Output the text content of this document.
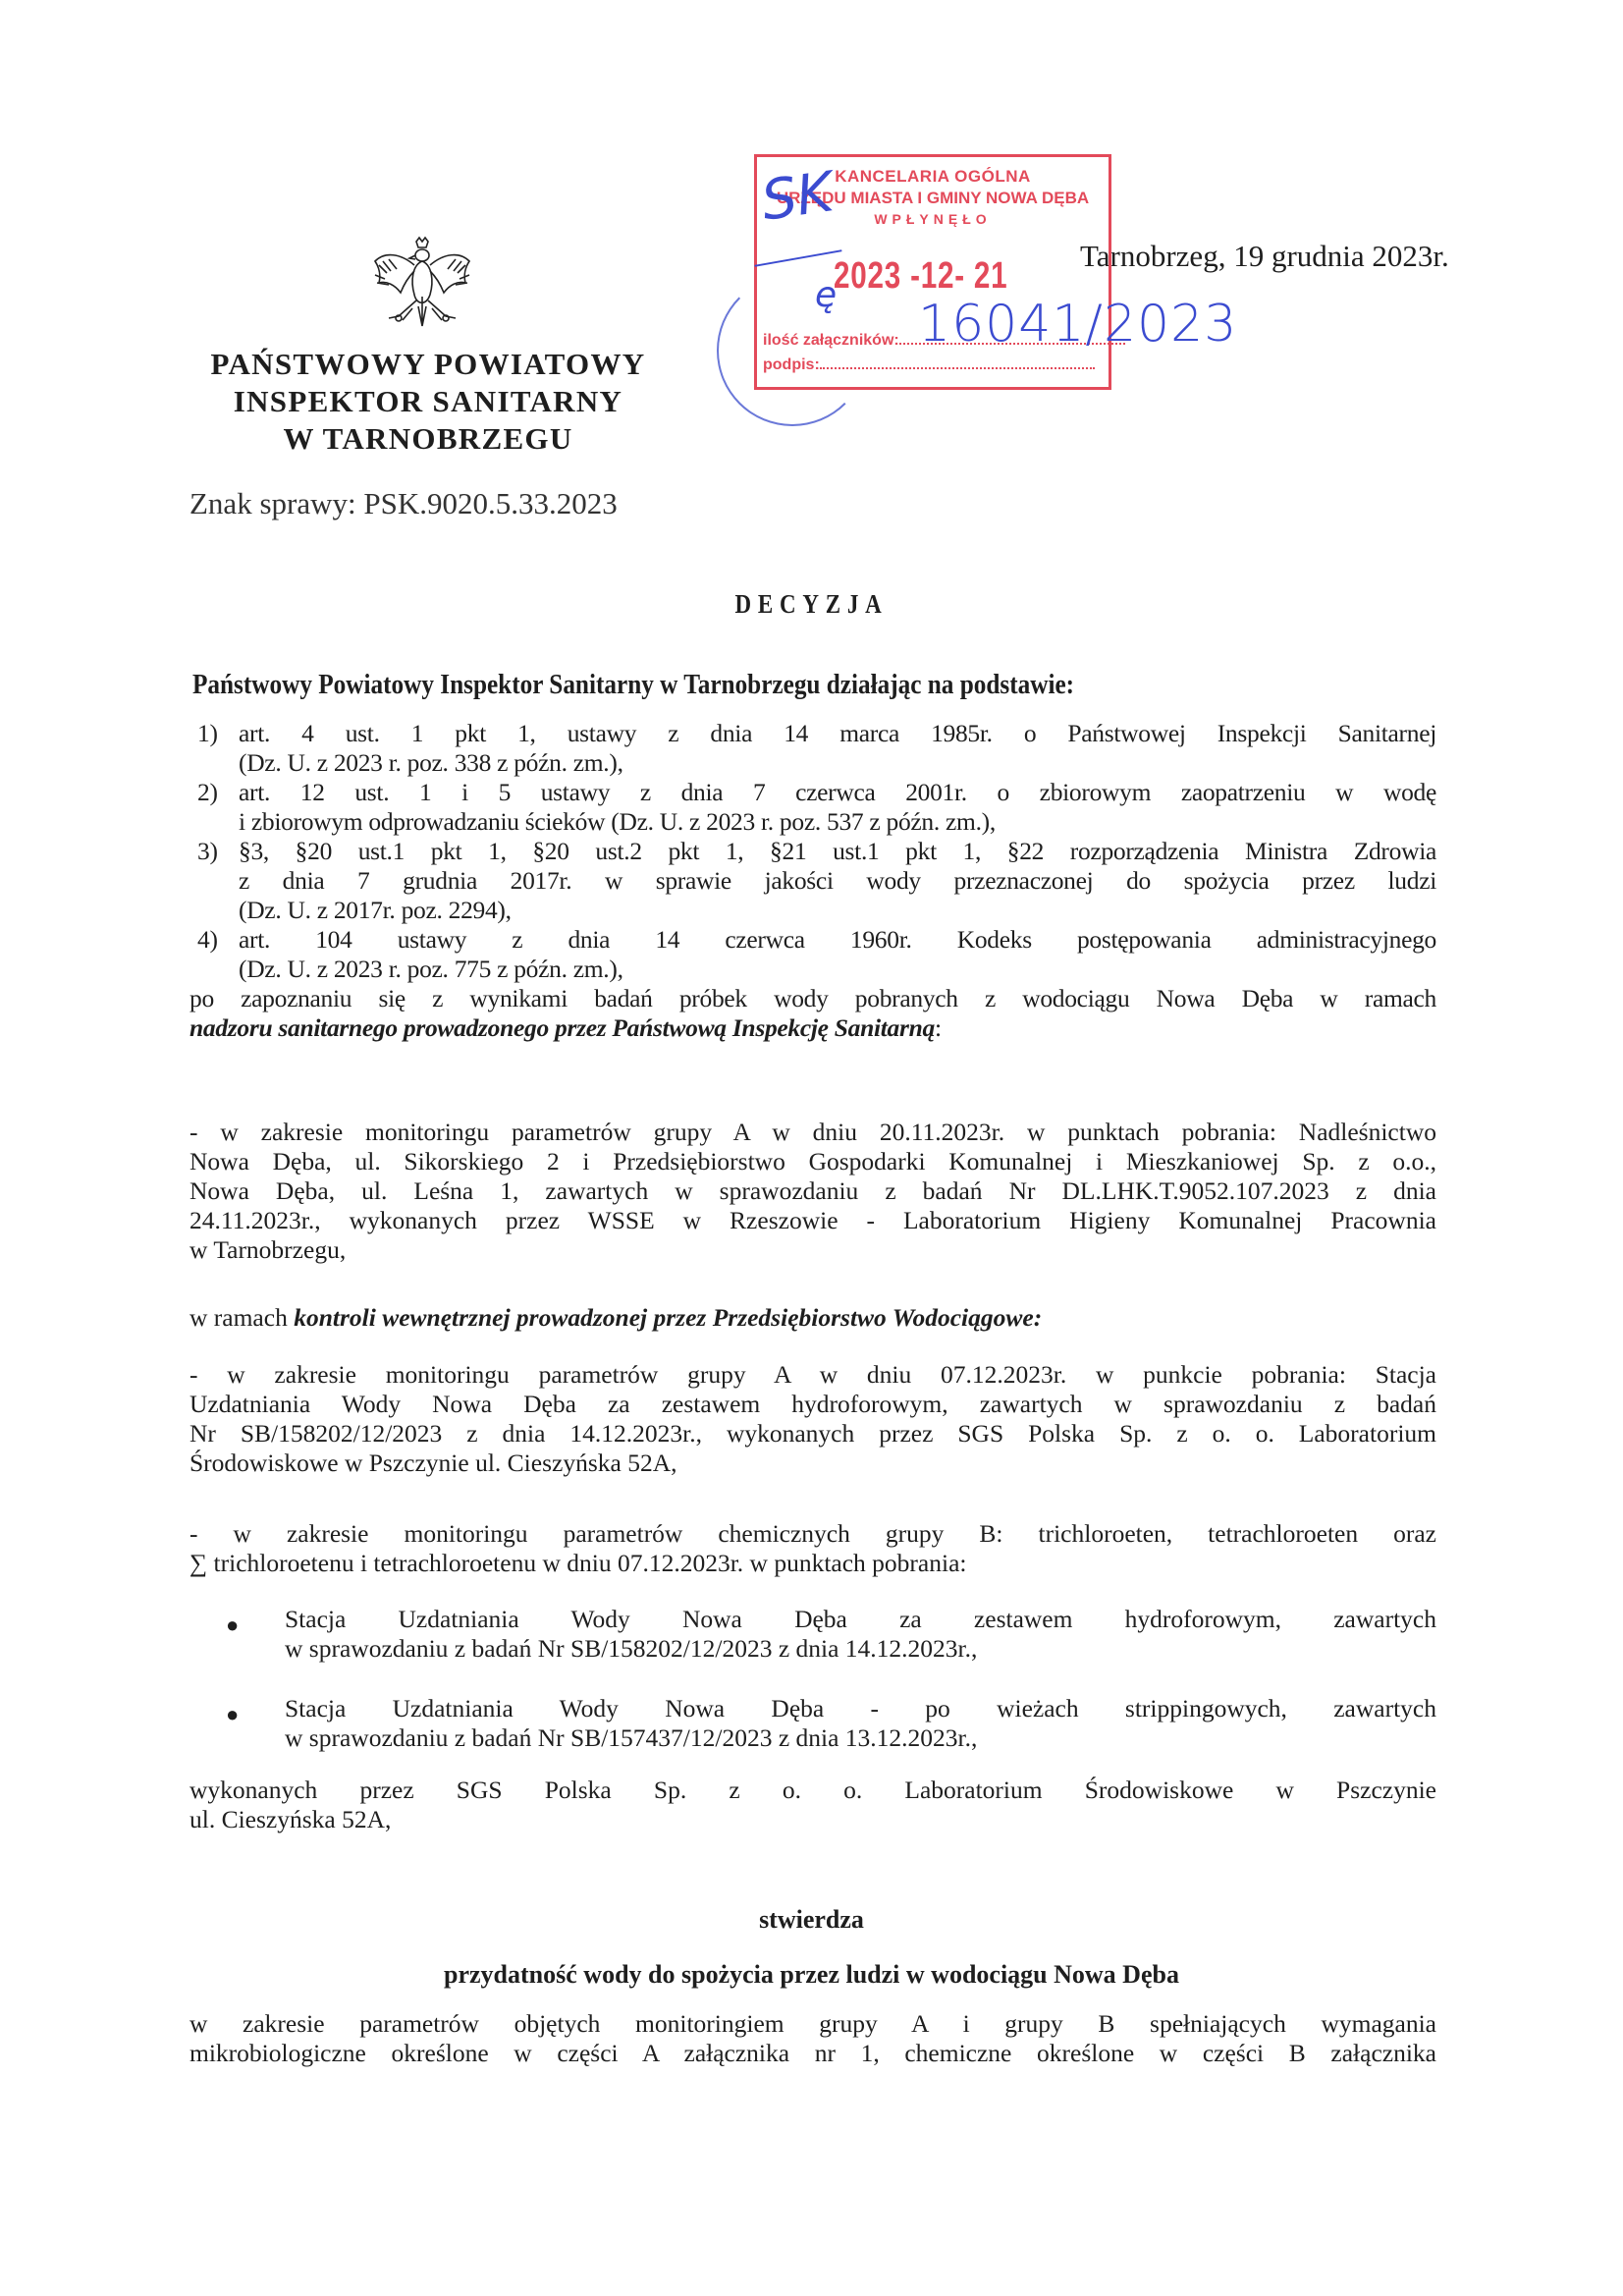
PAŃSTWOWY POWIATOWY
INSPEKTOR SANITARNY
W TARNOBRZEGU
Znak sprawy: PSK.9020.5.33.2023
Tarnobrzeg, 19 grudnia 2023r.
KANCELARIA OGÓLNA
URZĘDU MIASTA I GMINY NOWA DĘBA
WPŁYNĘŁO
2023 -12- 21
ilość załączników:
podpis:
SK
ę 16041/2023
DECYZJA
Państwowy Powiatowy Inspektor Sanitarny w Tarnobrzegu działając na podstawie:
1) art. 4 ust. 1 pkt 1, ustawy z dnia 14 marca 1985r. o Państwowej Inspekcji Sanitarnej
(Dz. U. z 2023 r. poz. 338 z późn. zm.),
2) art. 12 ust. 1 i 5 ustawy z dnia 7 czerwca 2001r. o zbiorowym zaopatrzeniu w wodę
i zbiorowym odprowadzaniu ścieków (Dz. U. z 2023 r. poz. 537 z późn. zm.),
3) §3, §20 ust.1 pkt 1, §20 ust.2 pkt 1, §21 ust.1 pkt 1, §22 rozporządzenia Ministra Zdrowia
z dnia 7 grudnia 2017r. w sprawie jakości wody przeznaczonej do spożycia przez ludzi
(Dz. U. z 2017r. poz. 2294),
4) art. 104 ustawy z dnia 14 czerwca 1960r. Kodeks postępowania administracyjnego
(Dz. U. z 2023 r. poz. 775 z późn. zm.),
po zapoznaniu się z wynikami badań próbek wody pobranych z wodociągu Nowa Dęba w ramach
nadzoru sanitarnego prowadzonego przez Państwową Inspekcję Sanitarną:
- w zakresie monitoringu parametrów grupy A w dniu 20.11.2023r. w punktach pobrania: Nadleśnictwo
Nowa Dęba, ul. Sikorskiego 2 i Przedsiębiorstwo Gospodarki Komunalnej i Mieszkaniowej Sp. z o.o.,
Nowa Dęba, ul. Leśna 1, zawartych w sprawozdaniu z badań Nr DL.LHK.T.9052.107.2023 z dnia
24.11.2023r., wykonanych przez WSSE w Rzeszowie - Laboratorium Higieny Komunalnej Pracownia
w Tarnobrzegu,
w ramach kontroli wewnętrznej prowadzonej przez Przedsiębiorstwo Wodociągowe:
- w zakresie monitoringu parametrów grupy A w dniu 07.12.2023r. w punkcie pobrania: Stacja
Uzdatniania Wody Nowa Dęba za zestawem hydroforowym, zawartych w sprawozdaniu z badań
Nr SB/158202/12/2023 z dnia 14.12.2023r., wykonanych przez SGS Polska Sp. z o. o. Laboratorium
Środowiskowe w Pszczynie ul. Cieszyńska 52A,
- w zakresie monitoringu parametrów chemicznych grupy B: trichloroeten, tetrachloroeten oraz
∑ trichloroetenu i tetrachloroetenu w dniu 07.12.2023r. w punktach pobrania:
● Stacja Uzdatniania Wody Nowa Dęba za zestawem hydroforowym, zawartych
w sprawozdaniu z badań Nr SB/158202/12/2023 z dnia 14.12.2023r.,
● Stacja Uzdatniania Wody Nowa Dęba - po wieżach strippingowych, zawartych
w sprawozdaniu z badań Nr SB/157437/12/2023 z dnia 13.12.2023r.,
wykonanych przez SGS Polska Sp. z o. o. Laboratorium Środowiskowe w Pszczynie
ul. Cieszyńska 52A,
stwierdza
przydatność wody do spożycia przez ludzi w wodociągu Nowa Dęba
w zakresie parametrów objętych monitoringiem grupy A i grupy B spełniających wymagania
mikrobiologiczne określone w części A załącznika nr 1, chemiczne określone w części B załącznika
